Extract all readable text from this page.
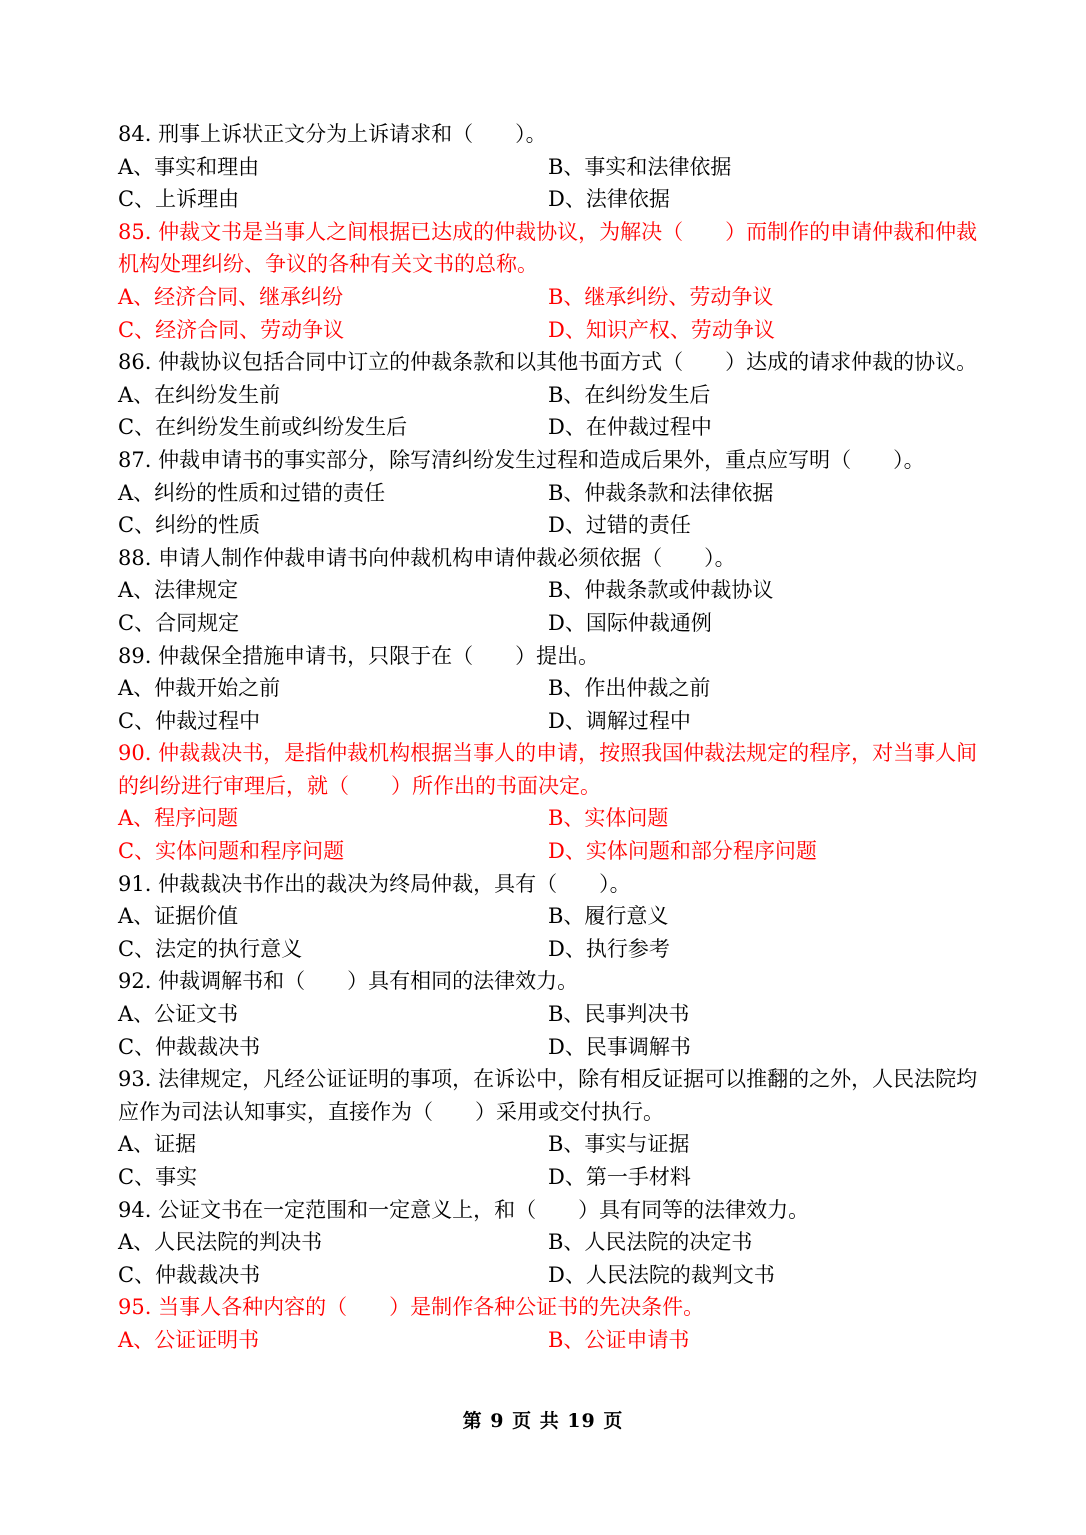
84. 刑事上诉状正文分为上诉请求和（　　）。

A、事实和理由	B、事实和法律依据
C、上诉理由	D、法律依据

85. 仲裁文书是当事人之间根据已达成的仲裁协议，为解决（　　）而制作的申请仲裁和仲裁机构处理纠纷、争议的各种有关文书的总称。

A、经济合同、继承纠纷	B、继承纠纷、劳动争议
C、经济合同、劳动争议	D、知识产权、劳动争议

86. 仲裁协议包括合同中订立的仲裁条款和以其他书面方式（　　）达成的请求仲裁的协议。

A、在纠纷发生前	B、在纠纷发生后
C、在纠纷发生前或纠纷发生后	D、在仲裁过程中

87. 仲裁申请书的事实部分，除写清纠纷发生过程和造成后果外，重点应写明（　　）。

A、纠纷的性质和过错的责任	B、仲裁条款和法律依据
C、纠纷的性质	D、过错的责任

88. 申请人制作仲裁申请书向仲裁机构申请仲裁必须依据（　　）。

A、法律规定	B、仲裁条款或仲裁协议
C、合同规定	D、国际仲裁通例

89. 仲裁保全措施申请书，只限于在（　　）提出。

A、仲裁开始之前	B、作出仲裁之前
C、仲裁过程中	D、调解过程中

90. 仲裁裁决书，是指仲裁机构根据当事人的申请，按照我国仲裁法规定的程序，对当事人间的纠纷进行审理后，就（　　）所作出的书面决定。

A、程序问题	B、实体问题
C、实体问题和程序问题	D、实体问题和部分程序问题

91. 仲裁裁决书作出的裁决为终局仲裁，具有（　　）。

A、证据价值	B、履行意义
C、法定的执行意义	D、执行参考

92. 仲裁调解书和（　　）具有相同的法律效力。

A、公证文书	B、民事判决书
C、仲裁裁决书	D、民事调解书

93. 法律规定，凡经公证证明的事项，在诉讼中，除有相反证据可以推翻的之外，人民法院均应作为司法认知事实，直接作为（　　）采用或交付执行。

A、证据	B、事实与证据
C、事实	D、第一手材料

94. 公证文书在一定范围和一定意义上，和（　　）具有同等的法律效力。

A、人民法院的判决书	B、人民法院的决定书
C、仲裁裁决书	D、人民法院的裁判文书

95. 当事人各种内容的（　　）是制作各种公证书的先决条件。

A、公证证明书	B、公证申请书
第 9 页 共 19 页
